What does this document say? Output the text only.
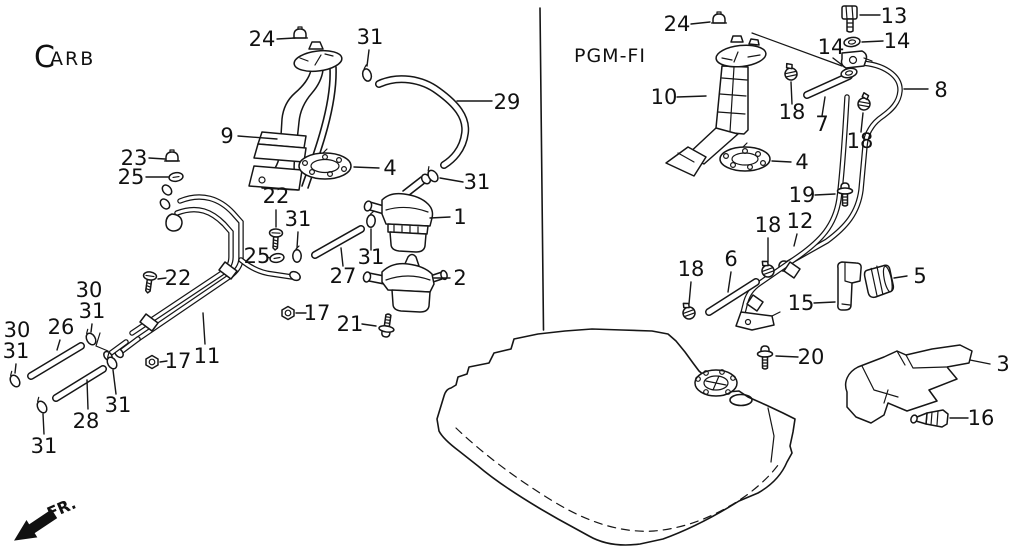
C
ARB	PGM-FI
FR.
24	31
29
9
23
25	4
22
31
31
1
27
25	31
2
22
17 21
30
31
26
30
31	17 11
31
28
31
24	13
14
14
10
18 7
8
18
4
19
12
18
6
18
15
5
20	3
16
